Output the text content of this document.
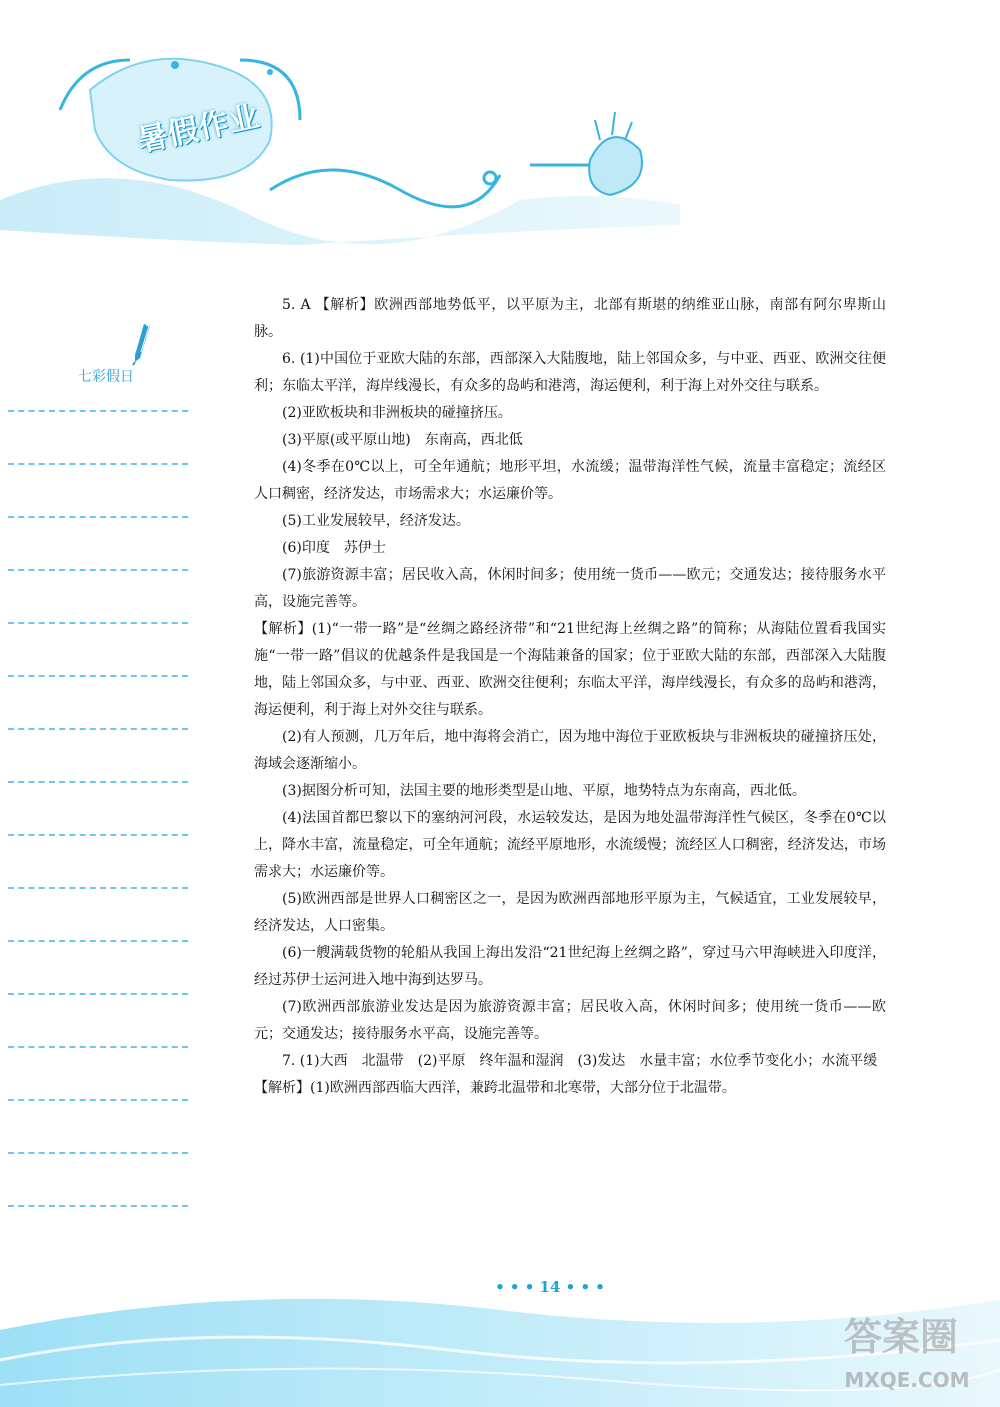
暑假作业
七彩假日

5. A 【解析】欧洲西部地势低平，以平原为主，北部有斯堪的纳维亚山脉，南部有阿尔卑斯山脉。

6. (1)中国位于亚欧大陆的东部，西部深入大陆腹地，陆上邻国众多，与中亚、西亚、欧洲交往便利；东临太平洋，海岸线漫长，有众多的岛屿和港湾，海运便利，利于海上对外交往与联系。

(2)亚欧板块和非洲板块的碰撞挤压。

(3)平原(或平原山地)　东南高，西北低

(4)冬季在0℃以上，可全年通航；地形平坦，水流缓；温带海洋性气候，流量丰富稳定；流经区人口稠密，经济发达，市场需求大；水运廉价等。

(5)工业发展较早，经济发达。

(6)印度　苏伊士

(7)旅游资源丰富；居民收入高，休闲时间多；使用统一货币——欧元；交通发达；接待服务水平高，设施完善等。

【解析】(1)“一带一路”是“丝绸之路经济带”和“21世纪海上丝绸之路”的简称；从海陆位置看我国实施“一带一路”倡议的优越条件是我国是一个海陆兼备的国家；位于亚欧大陆的东部，西部深入大陆腹地，陆上邻国众多，与中亚、西亚、欧洲交往便利；东临太平洋，海岸线漫长，有众多的岛屿和港湾，海运便利，利于海上对外交往与联系。

(2)有人预测，几万年后，地中海将会消亡，因为地中海位于亚欧板块与非洲板块的碰撞挤压处，海域会逐渐缩小。

(3)据图分析可知，法国主要的地形类型是山地、平原，地势特点为东南高，西北低。

(4)法国首都巴黎以下的塞纳河河段，水运较发达，是因为地处温带海洋性气候区，冬季在0℃以上，降水丰富，流量稳定，可全年通航；流经平原地形，水流缓慢；流经区人口稠密，经济发达，市场需求大；水运廉价等。

(5)欧洲西部是世界人口稠密区之一，是因为欧洲西部地形平原为主，气候适宜，工业发展较早，经济发达，人口密集。

(6)一艘满载货物的轮船从我国上海出发沿“21世纪海上丝绸之路”，穿过马六甲海峡进入印度洋，经过苏伊士运河进入地中海到达罗马。

(7)欧洲西部旅游业发达是因为旅游资源丰富；居民收入高，休闲时间多；使用统一货币——欧元；交通发达；接待服务水平高，设施完善等。

7. (1)大西　北温带　(2)平原　终年温和湿润　(3)发达　水量丰富；水位季节变化小；水流平缓

【解析】(1)欧洲西部西临大西洋，兼跨北温带和北寒带，大部分位于北温带。

• • • 14 • • •
答案圈
MXQE.COM
